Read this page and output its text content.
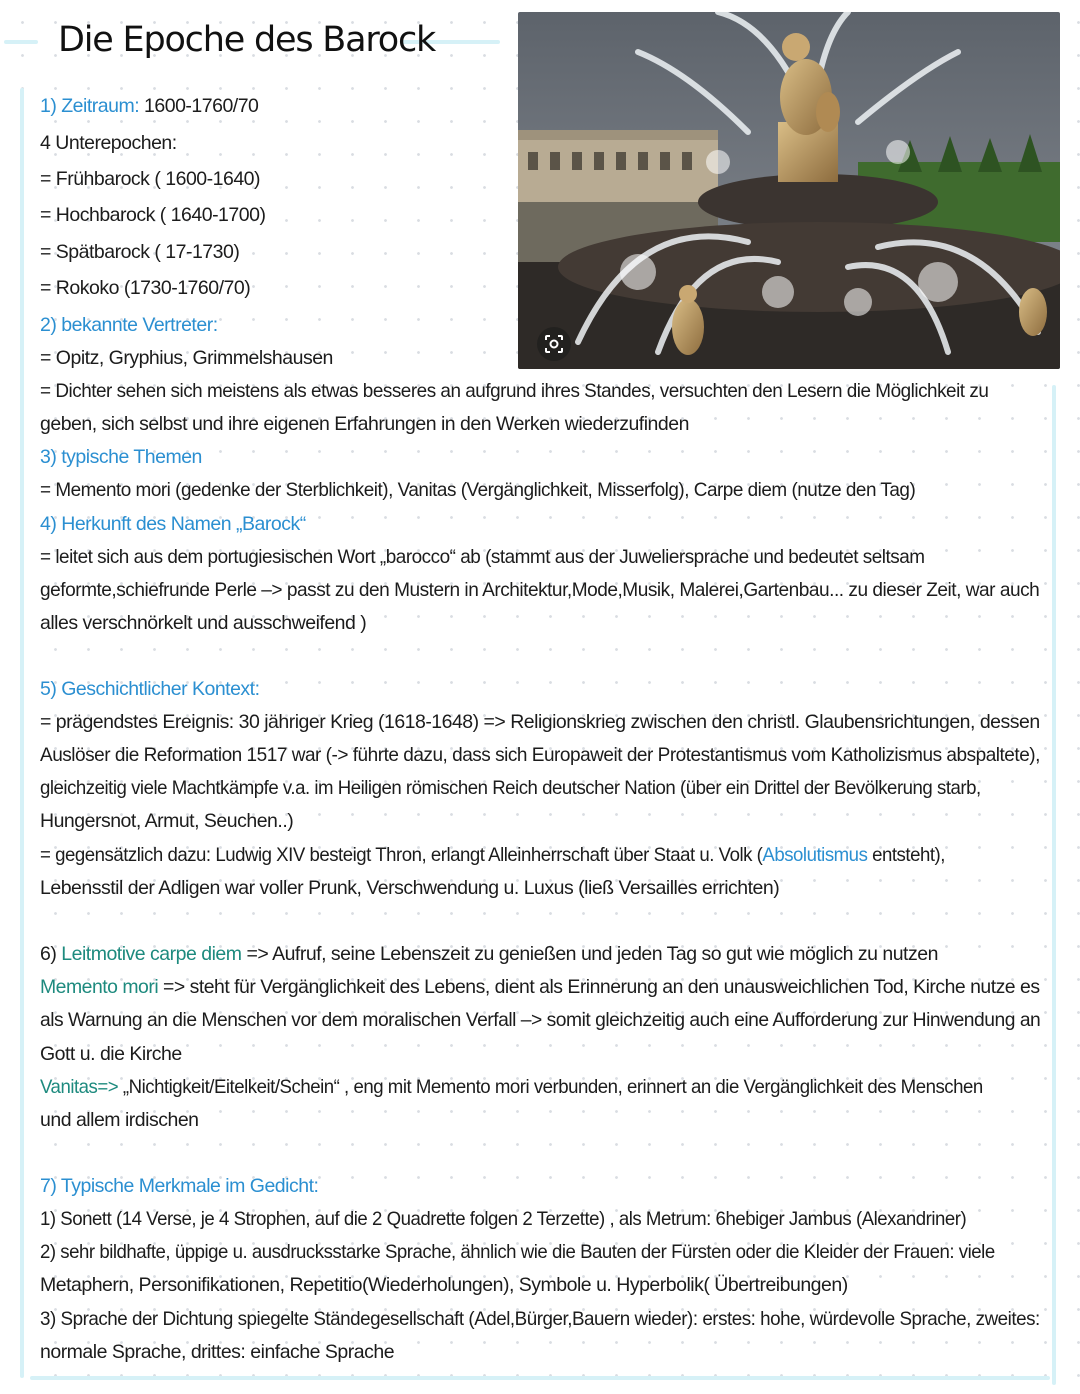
Die Epoche des Barock

1) Zeitraum: 1600-1760/70

4 Unterepochen:

= Frühbarock ( 1600-1640)

= Hochbarock ( 1640-1700)

= Spätbarock ( 17-1730)

= Rokoko (1730-1760/70)

2) bekannte Vertreter:

= Opitz, Gryphius, Grimmelshausen

= Dichter sehen sich meistens als etwas besseres an aufgrund ihres Standes, versuchten den Lesern die Möglichkeit zu

geben, sich selbst und ihre eigenen Erfahrungen in den Werken wiederzufinden

3) typische Themen

= Memento mori (gedenke der Sterblichkeit), Vanitas (Vergänglichkeit, Misserfolg), Carpe diem (nutze den Tag)

4) Herkunft des Namen „Barock“

= leitet sich aus dem portugiesischen Wort „barocco“ ab (stammt aus der Juweliersprache und bedeutet seltsam

geformte,schiefrunde Perle –> passt zu den Mustern in Architektur,Mode,Musik, Malerei,Gartenbau... zu dieser Zeit, war auch

alles verschnörkelt und ausschweifend )

5) Geschichtlicher Kontext:

= prägendstes Ereignis: 30 jähriger Krieg (1618-1648) => Religionskrieg zwischen den christl. Glaubensrichtungen, dessen

Auslöser die Reformation 1517 war (-> führte dazu, dass sich Europaweit der Protestantismus vom Katholizismus abspaltete),

gleichzeitig viele Machtkämpfe v.a. im Heiligen römischen Reich deutscher Nation (über ein Drittel der Bevölkerung starb,

Hungersnot, Armut, Seuchen..)

= gegensätzlich dazu: Ludwig XIV besteigt Thron, erlangt Alleinherrschaft über Staat u. Volk (Absolutismus entsteht),

Lebensstil der Adligen war voller Prunk, Verschwendung u. Luxus (ließ Versailles errichten)

6) Leitmotive carpe diem => Aufruf, seine Lebenszeit zu genießen und jeden Tag so gut wie möglich zu nutzen

Memento mori => steht für Vergänglichkeit des Lebens, dient als Erinnerung an den unausweichlichen Tod, Kirche nutze es

als Warnung an die Menschen vor dem moralischen Verfall –> somit gleichzeitig auch eine Aufforderung zur Hinwendung an

Gott u. die Kirche

Vanitas=> „Nichtigkeit/Eitelkeit/Schein“ , eng mit Memento mori verbunden, erinnert an die Vergänglichkeit des Menschen

und allem irdischen

7) Typische Merkmale im Gedicht:

1) Sonett (14 Verse, je 4 Strophen, auf die 2 Quadrette folgen 2 Terzette) , als Metrum: 6hebiger Jambus (Alexandriner)

2) sehr bildhafte, üppige u. ausdrucksstarke Sprache, ähnlich wie die Bauten der Fürsten oder die Kleider der Frauen: viele

Metaphern, Personifikationen, Repetitio(Wiederholungen), Symbole u. Hyperbolik( Übertreibungen)

3) Sprache der Dichtung spiegelte Ständegesellschaft (Adel,Bürger,Bauern wieder): erstes: hohe, würdevolle Sprache, zweites:

normale Sprache, drittes: einfache Sprache
